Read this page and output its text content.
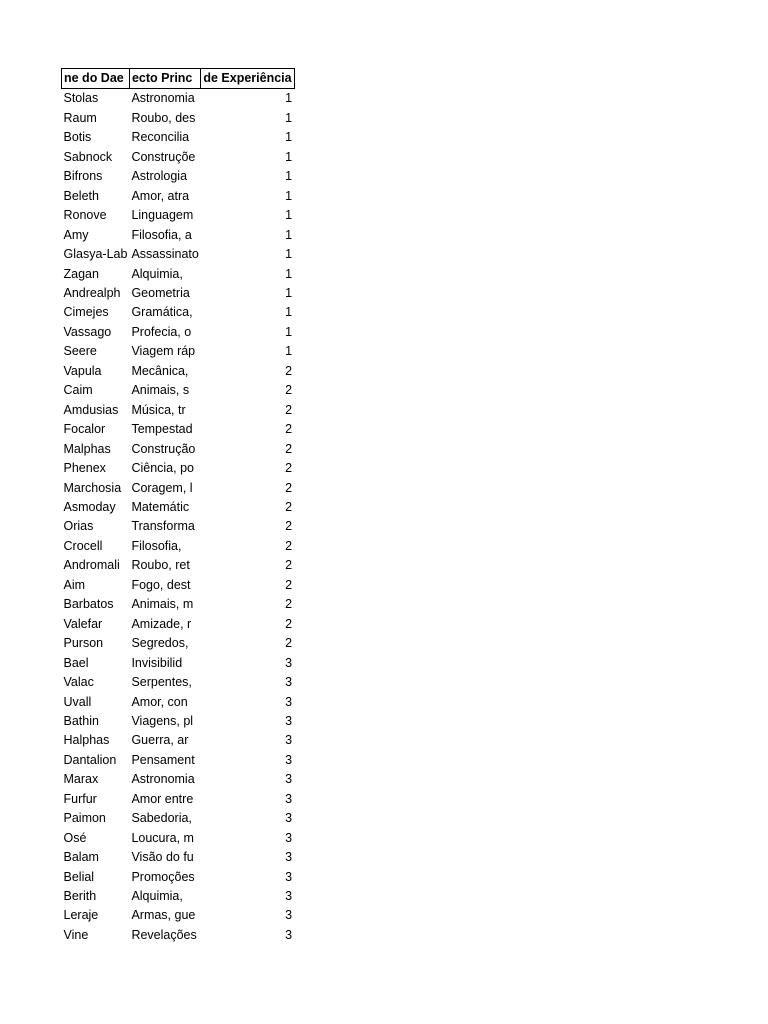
ne do Dae	ecto Princ	de Experiência
Stolas	Astronomia	1
Raum	Roubo, des	1
Botis	Reconcilia	1
Sabnock	Construçõe	1
Bifrons	Astrologia	1
Beleth	Amor, atra	1
Ronove	Linguagem	1
Amy	Filosofia, a	1
Glasya-Lab	Assassinato	1
Zagan	Alquimia,	1
Andrealph	Geometria	1
Cimejes	Gramática,	1
Vassago	Profecia, o	1
Seere	Viagem ráp	1
Vapula	Mecânica,	2
Caim	Animais, s	2
Amdusias	Música, tr	2
Focalor	Tempestad	2
Malphas	Construção	2
Phenex	Ciência, po	2
Marchosia	Coragem, l	2
Asmoday	Matemátic	2
Orias	Transforma	2
Crocell	Filosofia,	2
Andromali	Roubo, ret	2
Aim	Fogo, dest	2
Barbatos	Animais, m	2
Valefar	Amizade, r	2
Purson	Segredos,	2
Bael	Invisibilid	3
Valac	Serpentes,	3
Uvall	Amor, con	3
Bathin	Viagens, pl	3
Halphas	Guerra, ar	3
Dantalion	Pensament	3
Marax	Astronomia	3
Furfur	Amor entre	3
Paimon	Sabedoria,	3
Osé	Loucura, m	3
Balam	Visão do fu	3
Belial	Promoções	3
Berith	Alquimia,	3
Leraje	Armas, gue	3
Vine	Revelações	3
